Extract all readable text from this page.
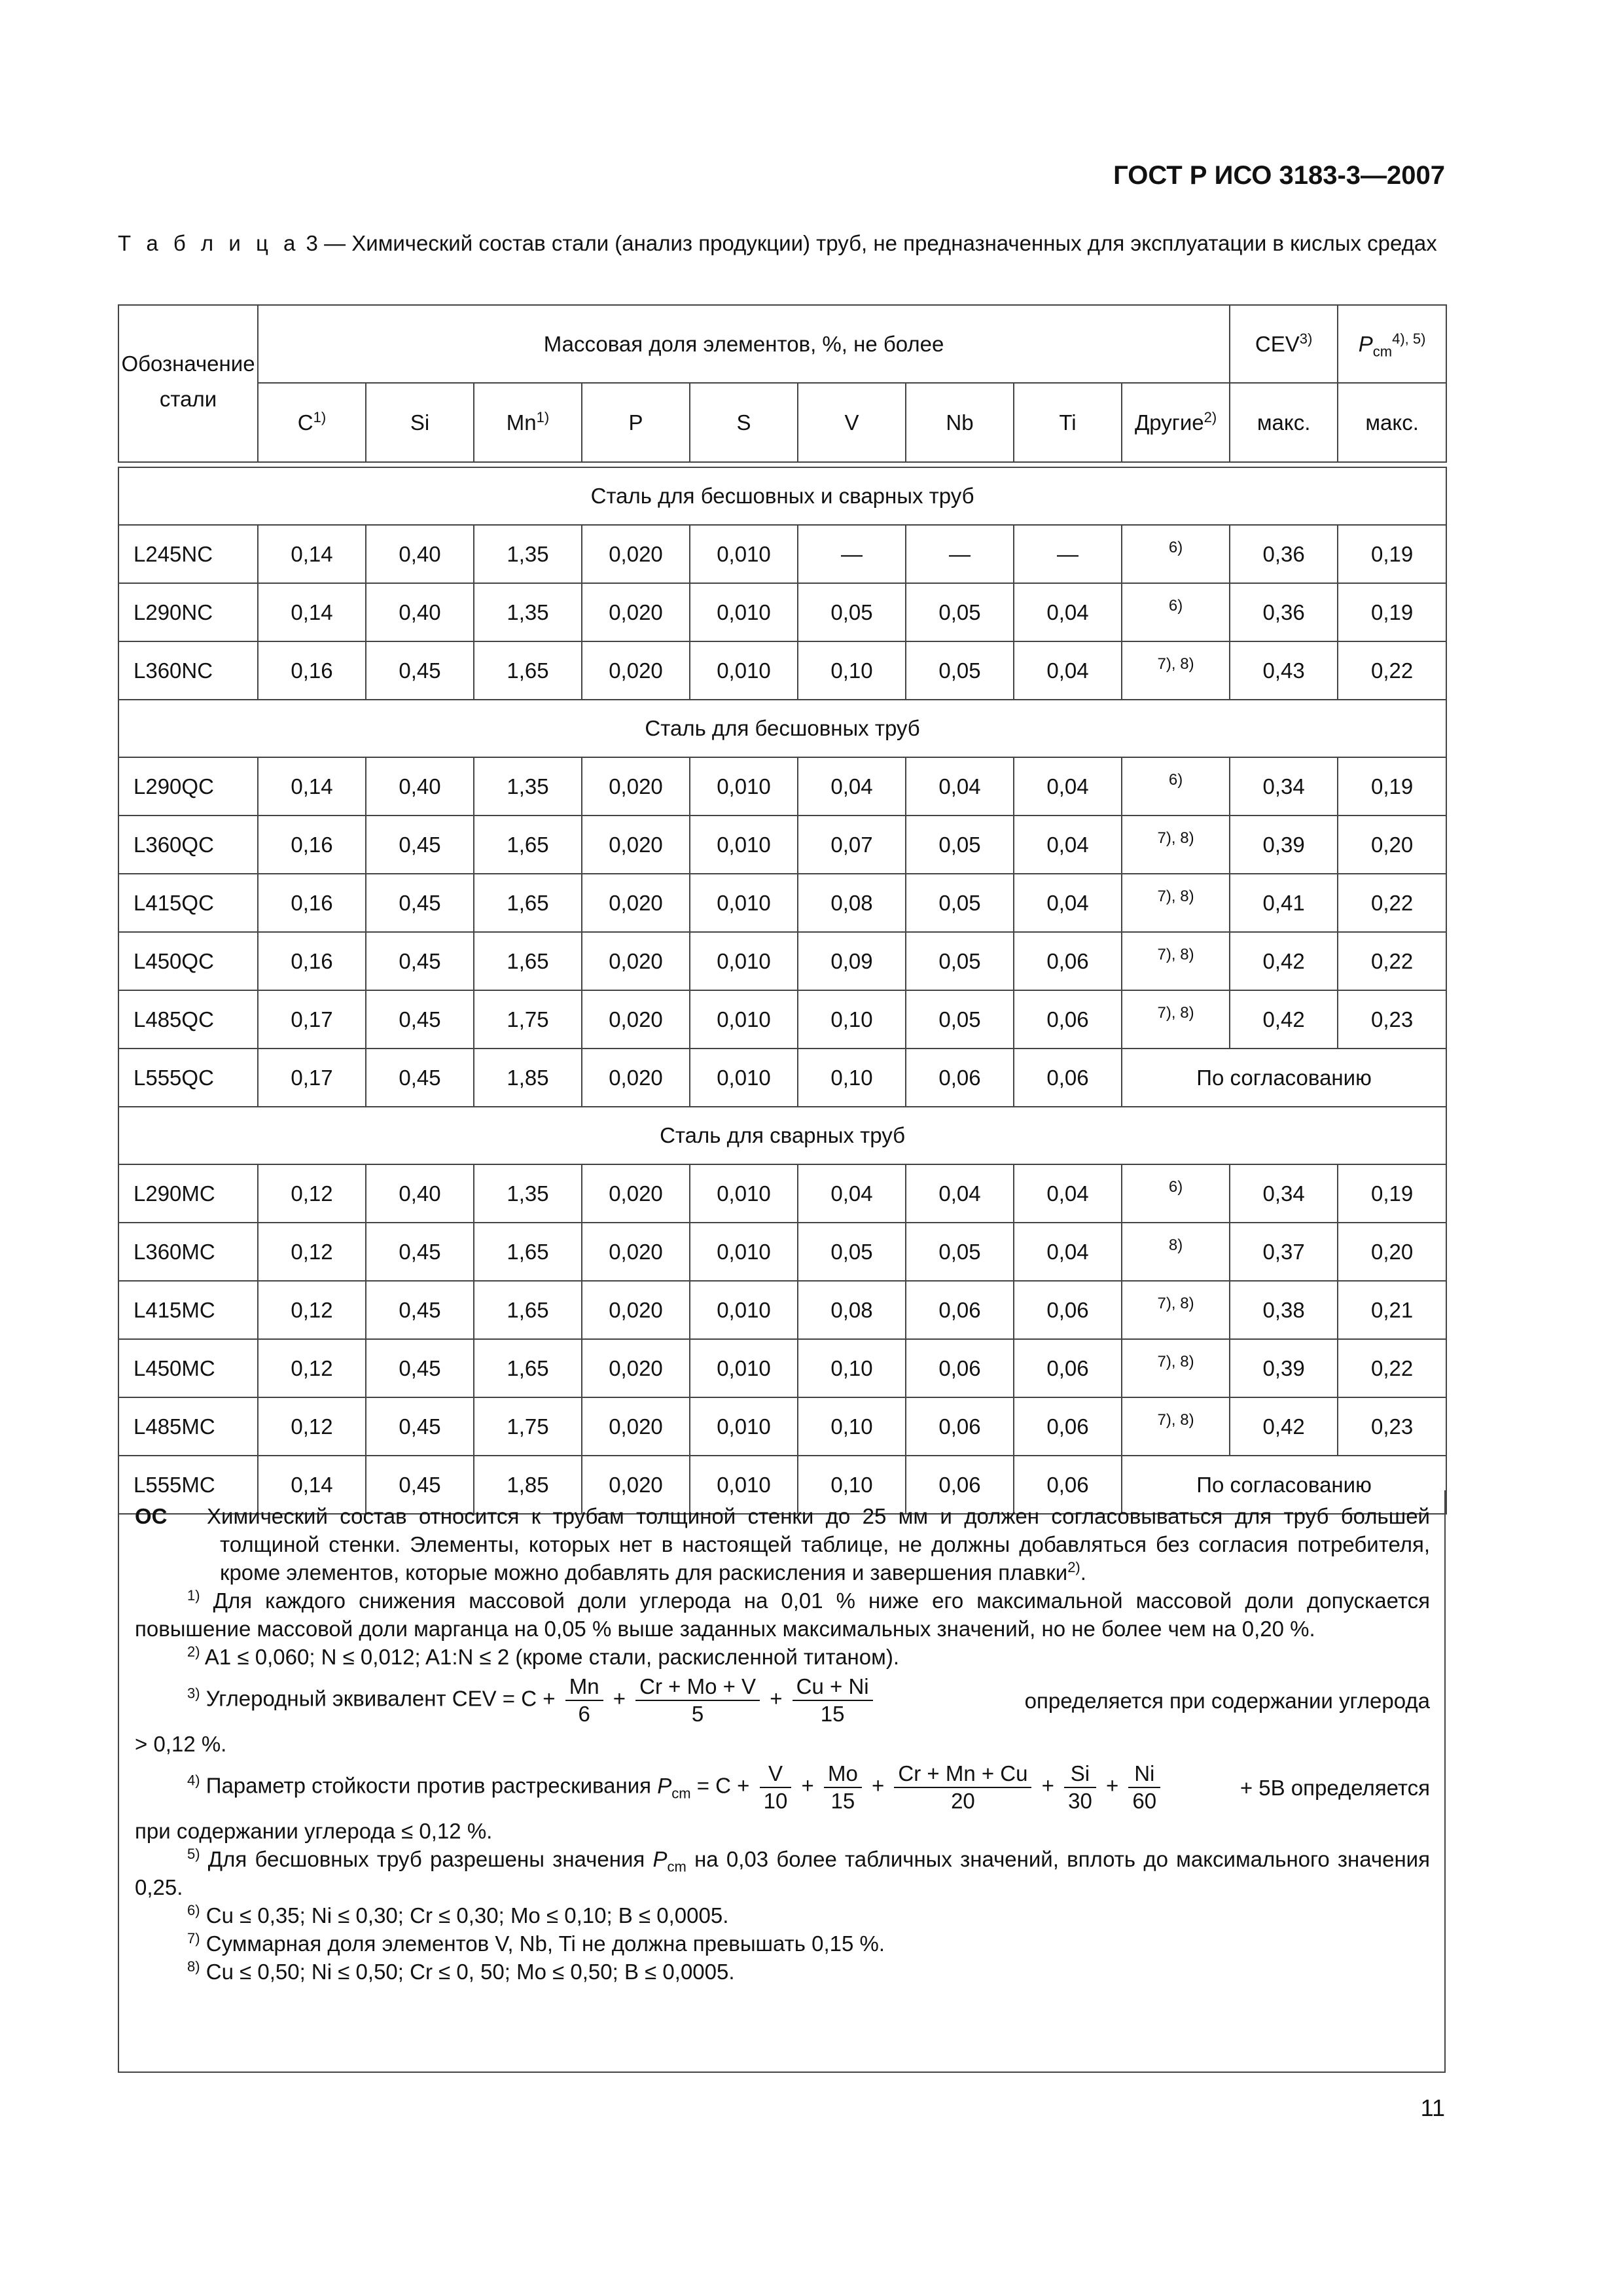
ГОСТ Р ИСО 3183-3—2007
Т а б л и ц а 3 — Химический состав стали (анализ продукции) труб, не предназначенных для эксплуатации в кислых средах
Обозначение стали	Массовая доля элементов, %, не более									CEV$^{3)}$	$P_{cm}^{4), 5)}$
	$C^{1)}$	Si	Mn$^{1)}$	P	S	V	Nb	Ti	Другие$^{2)}$	макс.	макс.

Сталь для бесшовных и сварных труб											
L245NC	0,14	0,40	1,35	0,020	0,010	—	—	—	6)	0,36	0,19
L290NC	0,14	0,40	1,35	0,020	0,010	0,05	0,05	0,04	6)	0,36	0,19
L360NC	0,16	0,45	1,65	0,020	0,010	0,10	0,05	0,04	7), 8)	0,43	0,22
Сталь для бесшовных труб											
L290QC	0,14	0,40	1,35	0,020	0,010	0,04	0,04	0,04	6)	0,34	0,19
L360QC	0,16	0,45	1,65	0,020	0,010	0,07	0,05	0,04	7), 8)	0,39	0,20
L415QC	0,16	0,45	1,65	0,020	0,010	0,08	0,05	0,04	7), 8)	0,41	0,22
L450QC	0,16	0,45	1,65	0,020	0,010	0,09	0,05	0,06	7), 8)	0,42	0,22
L485QC	0,17	0,45	1,75	0,020	0,010	0,10	0,05	0,06	7), 8)	0,42	0,23
L555QC	0,17	0,45	1,85	0,020	0,010	0,10	0,06	0,06	По согласованию		
Сталь для сварных труб											
L290MC	0,12	0,40	1,35	0,020	0,010	0,04	0,04	0,04	6)	0,34	0,19
L360MC	0,12	0,45	1,65	0,020	0,010	0,05	0,05	0,04	8)	0,37	0,20
L415MC	0,12	0,45	1,65	0,020	0,010	0,08	0,06	0,06	7), 8)	0,38	0,21
L450MC	0,12	0,45	1,65	0,020	0,010	0,10	0,06	0,06	7), 8)	0,39	0,22
L485MC	0,12	0,45	1,75	0,020	0,010	0,10	0,06	0,06	7), 8)	0,42	0,23
L555MC	0,14	0,45	1,85	0,020	0,010	0,10	0,06	0,06	По согласованию		
ОС Химический состав относится к трубам толщиной стенки до 25 мм и должен согласовываться для труб большей толщиной стенки. Элементы, которых нет в настоящей таблице, не должны добавляться без согласия потребителя, кроме элементов, которые можно добавлять для раскисления и завершения плавки$^{2)}$.
$^{1)}$ Для каждого снижения массовой доли углерода на 0,01 % ниже его максимальной массовой доли допускается повышение массовой доли марганца на 0,05 % выше заданных максимальных значений, но не более чем на 0,20 %.
$^{2)}$ A1 ≤ 0,060; N ≤ 0,012; A1:N ≤ 2 (кроме стали, раскисленной титаном).
$^{3)}$ Углеродный эквивалент CEV = $C + \frac{Mn}{6} + \frac{Cr + Mo + V}{5} + \frac{Cu + Ni}{15}$	определяется при содержании углерода
> 0,12 %.
$^{4)}$ Параметр стойкости против растрескивания $P_{cm} = C + \frac{V}{10} + \frac{Mo}{15} + \frac{Cr + Mn + Cu}{20} + \frac{Si}{30} + \frac{Ni}{60}$	+ 5B определяется
при содержании углерода ≤ 0,12 %.
$^{5)}$ Для бесшовных труб разрешены значения $P_{cm}$ на 0,03 более табличных значений, вплоть до максимального значения 0,25.
$^{6)}$ Cu ≤ 0,35; Ni ≤ 0,30; Cr ≤ 0,30; Mo ≤ 0,10; B ≤ 0,0005.
$^{7)}$ Суммарная доля элементов V, Nb, Ti не должна превышать 0,15 %.
$^{8)}$ Cu ≤ 0,50; Ni ≤ 0,50; Cr ≤ 0, 50; Mo ≤ 0,50; B ≤ 0,0005.
11
